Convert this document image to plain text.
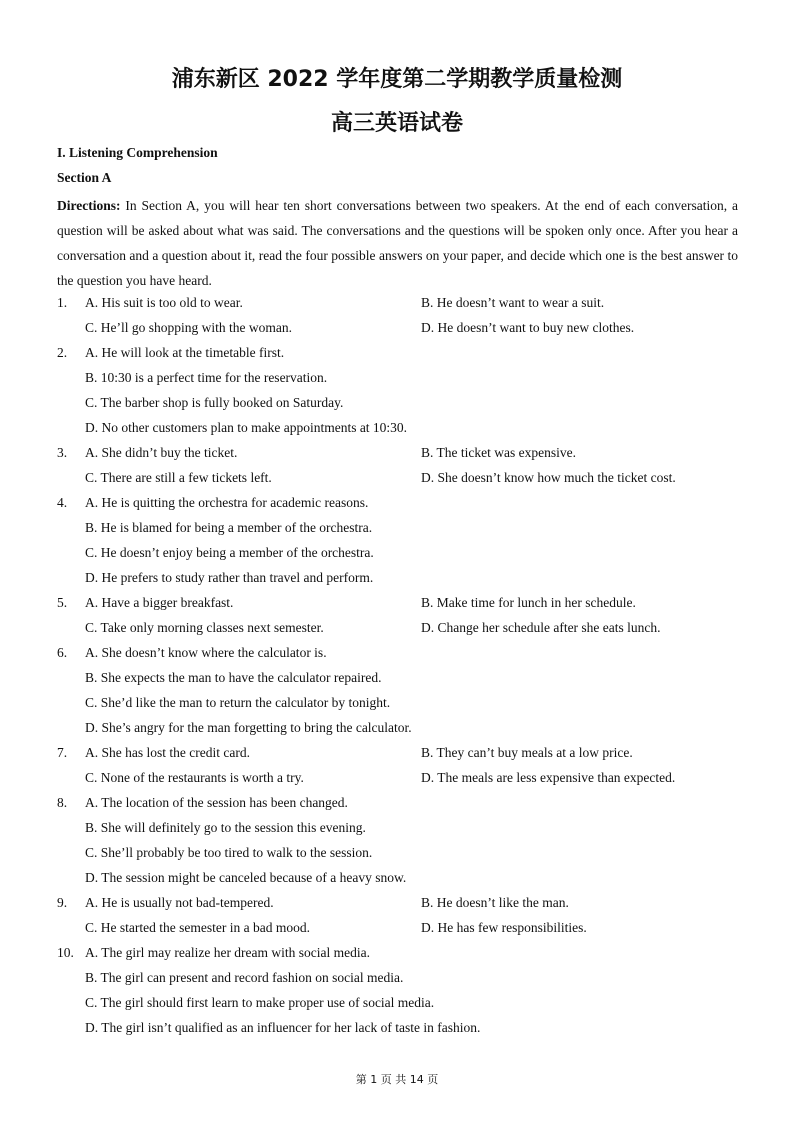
浦东新区 2022 学年度第二学期教学质量检测
高三英语试卷
I. Listening Comprehension
Section A
Directions: In Section A, you will hear ten short conversations between two speakers. At the end of each conversation, a question will be asked about what was said. The conversations and the questions will be spoken only once. After you hear a conversation and a question about it, read the four possible answers on your paper, and decide which one is the best answer to the question you have heard.
1. A. His suit is too old to wear.	B. He doesn’t want to wear a suit.
C. He’ll go shopping with the woman.	D. He doesn’t want to buy new clothes.
2. A. He will look at the timetable first.
B. 10:30 is a perfect time for the reservation.
C. The barber shop is fully booked on Saturday.
D. No other customers plan to make appointments at 10:30.
3. A. She didn’t buy the ticket.	B. The ticket was expensive.
C. There are still a few tickets left.	D. She doesn’t know how much the ticket cost.
4. A. He is quitting the orchestra for academic reasons.
B. He is blamed for being a member of the orchestra.
C. He doesn’t enjoy being a member of the orchestra.
D. He prefers to study rather than travel and perform.
5. A. Have a bigger breakfast.	B. Make time for lunch in her schedule.
C. Take only morning classes next semester.	D. Change her schedule after she eats lunch.
6. A. She doesn’t know where the calculator is.
B. She expects the man to have the calculator repaired.
C. She’d like the man to return the calculator by tonight.
D. She’s angry for the man forgetting to bring the calculator.
7. A. She has lost the credit card.	B. They can’t buy meals at a low price.
C. None of the restaurants is worth a try.	D. The meals are less expensive than expected.
8. A. The location of the session has been changed.
B. She will definitely go to the session this evening.
C. She’ll probably be too tired to walk to the session.
D. The session might be canceled because of a heavy snow.
9. A. He is usually not bad-tempered.	B. He doesn’t like the man.
C. He started the semester in a bad mood.	D. He has few responsibilities.
10. A. The girl may realize her dream with social media.
B. The girl can present and record fashion on social media.
C. The girl should first learn to make proper use of social media.
D. The girl isn’t qualified as an influencer for her lack of taste in fashion.
第 1 页 共 14 页
